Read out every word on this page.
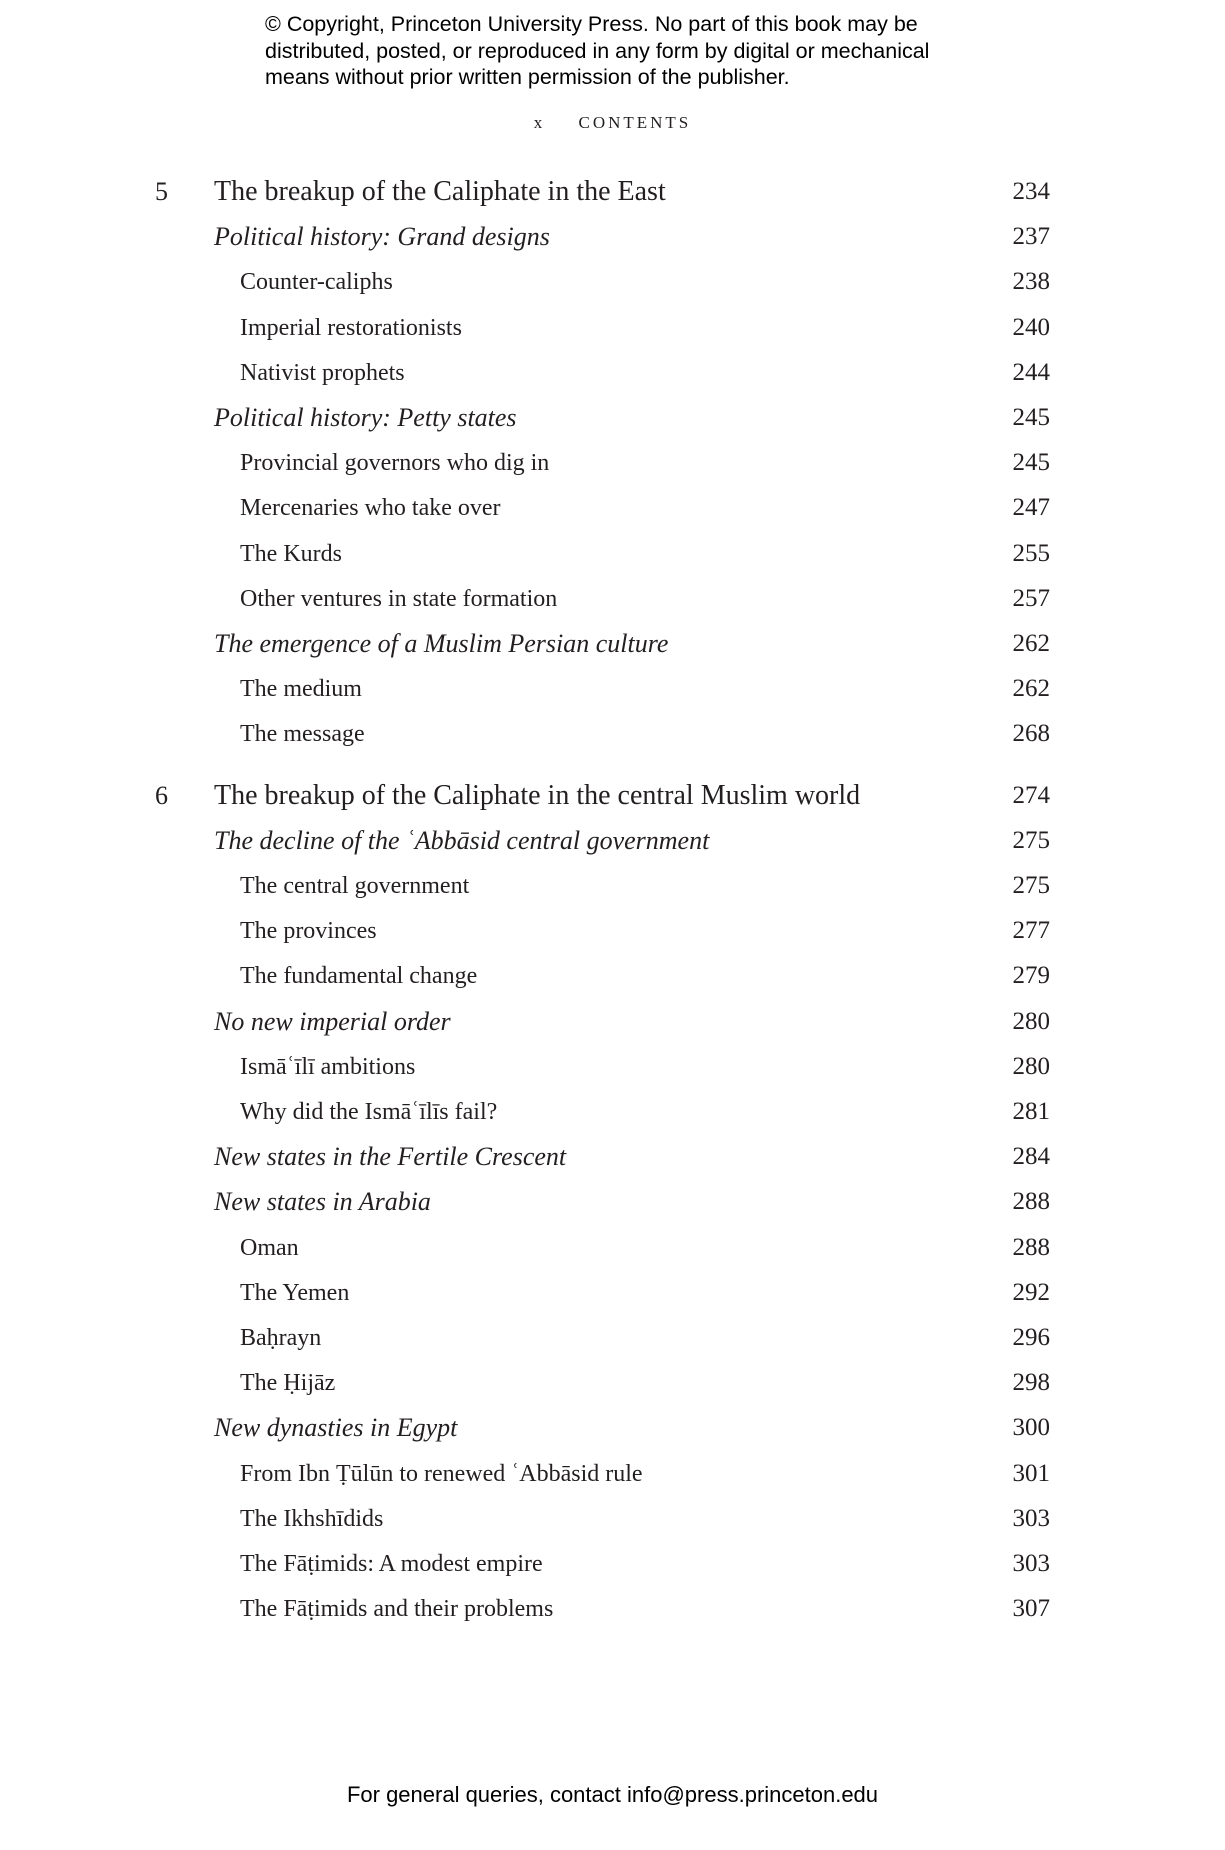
© Copyright, Princeton University Press. No part of this book may be
distributed, posted, or reproduced in any form by digital or mechanical
means without prior written permission of the publisher.
x CONTENTS
5 The breakup of the Caliphate in the East	234
Political history: Grand designs	237
Counter-caliphs	238
Imperial restorationists	240
Nativist prophets	244
Political history: Petty states	245
Provincial governors who dig in	245
Mercenaries who take over	247
The Kurds	255
Other ventures in state formation	257
The emergence of a Muslim Persian culture	262
The medium	262
The message	268
6 The breakup of the Caliphate in the central Muslim world	274
The decline of the ʿAbbāsid central government	275
The central government	275
The provinces	277
The fundamental change	279
No new imperial order	280
Ismāʿīlī ambitions	280
Why did the Ismāʿīlīs fail?	281
New states in the Fertile Crescent	284
New states in Arabia	288
Oman	288
The Yemen	292
Baḥrayn	296
The Ḥijāz	298
New dynasties in Egypt	300
From Ibn Ṭūlūn to renewed ʿAbbāsid rule	301
The Ikhshīdids	303
The Fāṭimids: A modest empire	303
The Fāṭimids and their problems	307
For general queries, contact info@press.princeton.edu
